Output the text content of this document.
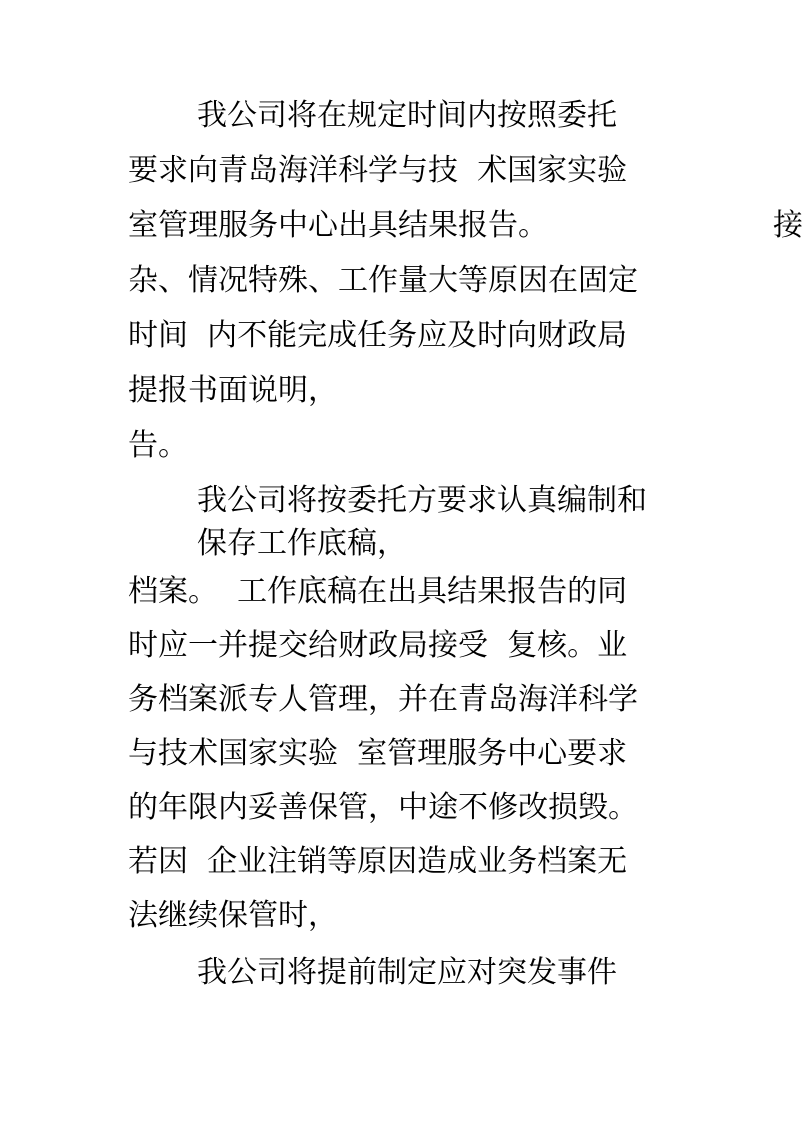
我公司将在规定时间内按照委托

要求向青岛海洋科学与技  术国家实验

室管理服务中心出具结果报告。	接

杂、情况特殊、工作量大等原因在固定

时间  内不能完成任务应及时向财政局

提报书面说明，

告。

我公司将按委托方要求认真编制和

保存工作底稿，

档案。  工作底稿在出具结果报告的同

时应一并提交给财政局接受  复核。业

务档案派专人管理，并在青岛海洋科学

与技术国家实验  室管理服务中心要求

的年限内妥善保管，中途不修改损毁。

若因  企业注销等原因造成业务档案无

法继续保管时，

我公司将提前制定应对突发事件
